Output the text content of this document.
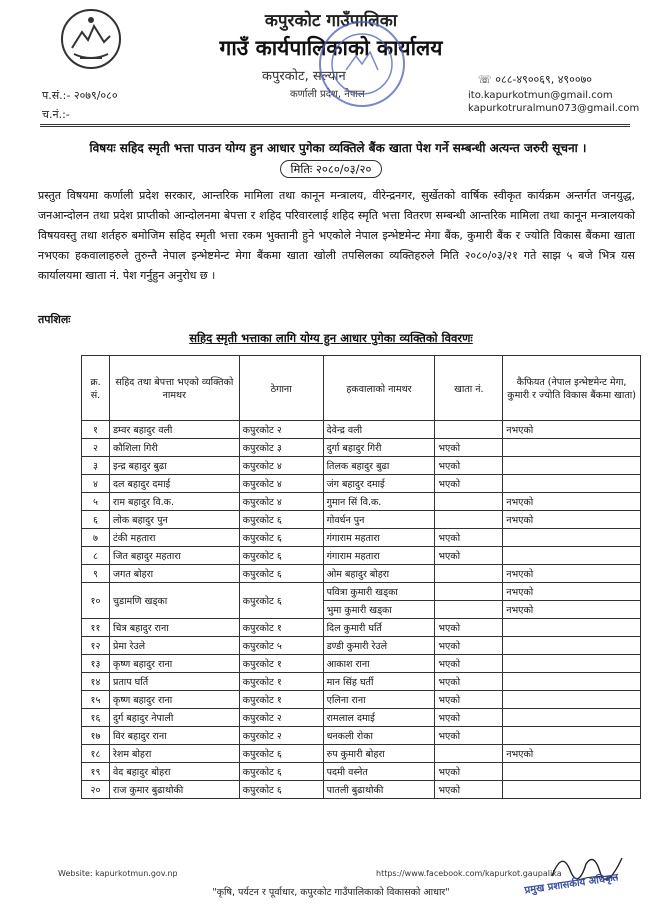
कपुरकोट गाउँपालिका
गाउँ कार्यपालिकाको कार्यालय
कपुरकोट, सल्यान
कर्णाली प्रदेश, नेपाल
प.सं.:- २०७९/०८०
च.नं.:-
☏ ०८८-४९००६९, ४९००७०
ito.kapurkotmun@gmail.com
kapurkotruralmun073@gmail.com
विषयः सहिद स्मृती भत्ता पाउन योग्य हुन आधार पुगेका व्यक्तिले बैंक खाता पेश गर्ने सम्बन्धी अत्यन्त जरुरी सूचना ।
मितिः २०८०/०३/२०
प्रस्तुत विषयमा कर्णाली प्रदेश सरकार, आन्तरिक मामिला तथा कानून मन्त्रालय, वीरेन्द्रनगर, सुर्खेतको वार्षिक स्वीकृत कार्यक्रम अन्तर्गत जनयुद्ध, जनआन्दोलन तथा प्रदेश प्राप्तीको आन्दोलनमा बेपत्ता र शहिद परिवारलाई शहिद स्मृति भत्ता वितरण सम्बन्धी आन्तरिक मामिला तथा कानून मन्त्रालयको विषयवस्तु तथा शर्तहरु बमोजिम सहिद स्मृती भत्ता रकम भुक्तानी हुने भएकोले नेपाल इन्भेष्टमेन्ट मेगा बैंक, कुमारी बैंक र ज्योति विकास बैंकमा खाता नभएका हकवालाहरुले तुरुन्तै नेपाल इन्भेष्टमेन्ट मेगा बैंकमा खाता खोली तपसिलका व्यक्तिहरुले मिति २०८०/०३/२१ गते साझ ५ बजे भित्र यस कार्यालयमा खाता नं. पेश गर्नुहुन अनुरोध छ ।
तपशिलः
सहिद स्मृती भत्ताका लागि योग्य हुन आधार पुगेका व्यक्तिको विवरणः
क्र. सं.	सहिद तथा बेपत्ता भएको व्यक्तिको नामथर	ठेगाना	हकवालाको नामथर	खाता नं.	कैफियत (नेपाल इन्भेष्टमेन्ट मेगा, कुमारी र ज्योति विकास बैंकमा खाता)
१	डम्वर बहादुर वली	कपुरकोट २	देवेन्द्र वली		नभएको
२	कौशिला गिरी	कपुरकोट ३	दुर्गा बहादुर गिरी	भएको	
३	इन्द्र बहादुर बुढा	कपुरकोट ४	तिलक बहादुर बुढा	भएको	
४	दल बहादुर दमाई	कपुरकोट ४	जंग बहादुर दमाई	भएको	
५	राम बहादुर वि.क.	कपुरकोट ४	गुमान सिं वि.क.		नभएको
६	लोक बहादुर पुन	कपुरकोट ६	गोवर्धन पुन		नभएको
७	टंकी महतारा	कपुरकोट ६	गंगाराम महतारा	भएको	
८	जित बहादुर महतारा	कपुरकोट ६	गंगाराम महतारा	भएको	
९	जगत बोहरा	कपुरकोट ६	ओम बहादुर बोहरा		नभएको
१०	चुडामणि खड्का	कपुरकोट ६	पवित्रा कुमारी खड्का		नभएको
			भुमा कुमारी खड्का		नभएको
११	चित्र बहादुर राना	कपुरकोट १	दिल कुमारी घर्ति	भएको	
१२	प्रेमा रेउले	कपुरकोट ५	डण्डी कुमारी रेउले	भएको	
१३	कृष्ण बहादुर राना	कपुरकोट १	आकाश राना	भएको	
१४	प्रताप घर्ति	कपुरकोट १	मान सिंह घर्ती	भएको	
१५	कृष्ण बहादुर राना	कपुरकोट १	एलिना राना	भएको	
१६	दुर्ग बहादुर नेपाली	कपुरकोट २	रामलाल दमाई	भएको	
१७	विर बहादुर राना	कपुरकोट २	धनकली रोका	भएको	
१८	रेशम बोहरा	कपुरकोट ६	रुप कुमारी बोहरा		नभएको
१९	वेद बहादुर बोहरा	कपुरकोट ६	पदमी वस्नेत	भएको	
२०	राज कुमार बुढाथोकी	कपुरकोट ६	पातली बुढाथोकी	भएको	
Website: kapurkotmun.gov.np	https://www.facebook.com/kapurkot.gaupalika
प्रमुख प्रशासकीय अधिकृत
"कृषि, पर्यटन र पूर्वाधार, कपुरकोट गाउँपालिकाको विकासको आधार"
